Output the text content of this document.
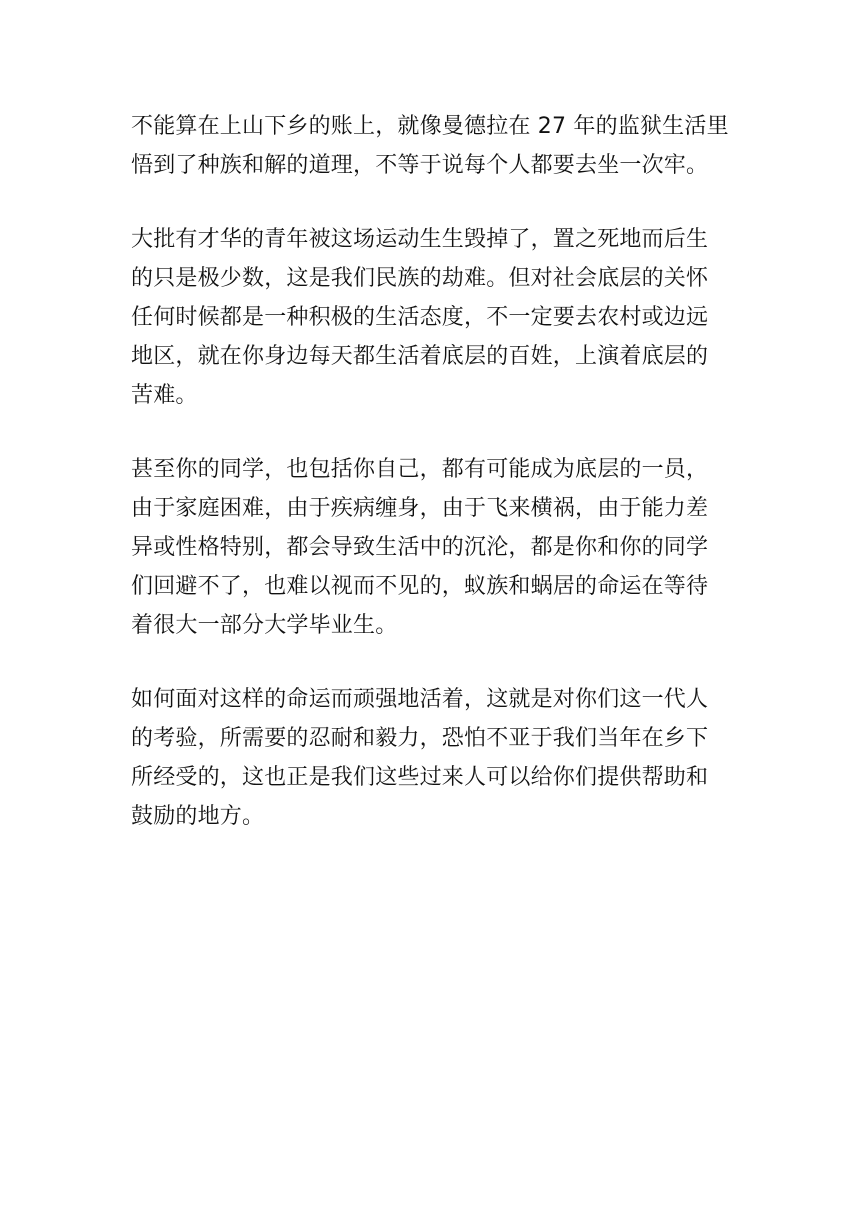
不能算在上山下乡的账上，就像曼德拉在 27 年的监狱生活里
悟到了种族和解的道理，不等于说每个人都要去坐一次牢。

大批有才华的青年被这场运动生生毁掉了，置之死地而后生
的只是极少数，这是我们民族的劫难。但对社会底层的关怀
任何时候都是一种积极的生活态度，不一定要去农村或边远
地区，就在你身边每天都生活着底层的百姓，上演着底层的
苦难。

甚至你的同学，也包括你自己，都有可能成为底层的一员，
由于家庭困难，由于疾病缠身，由于飞来横祸，由于能力差
异或性格特别，都会导致生活中的沉沦，都是你和你的同学
们回避不了，也难以视而不见的，蚁族和蜗居的命运在等待
着很大一部分大学毕业生。

如何面对这样的命运而顽强地活着，这就是对你们这一代人
的考验，所需要的忍耐和毅力，恐怕不亚于我们当年在乡下
所经受的，这也正是我们这些过来人可以给你们提供帮助和
鼓励的地方。
